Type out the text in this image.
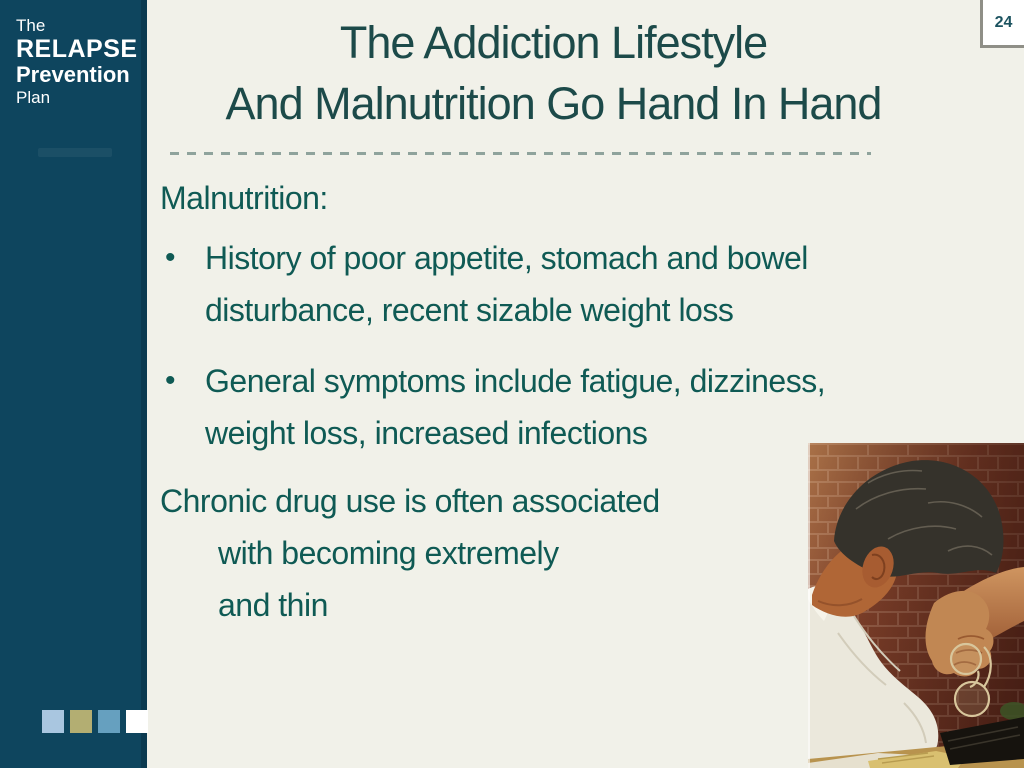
The
RELAPSE
Prevention
Plan
24
The Addiction Lifestyle
And Malnutrition Go Hand In Hand
Malnutrition:
• History of poor appetite, stomach and bowel
disturbance, recent sizable weight loss
• General symptoms include fatigue, dizziness,
weight loss, increased infections
Chronic drug use is often associated
with becoming extremely
and thin
